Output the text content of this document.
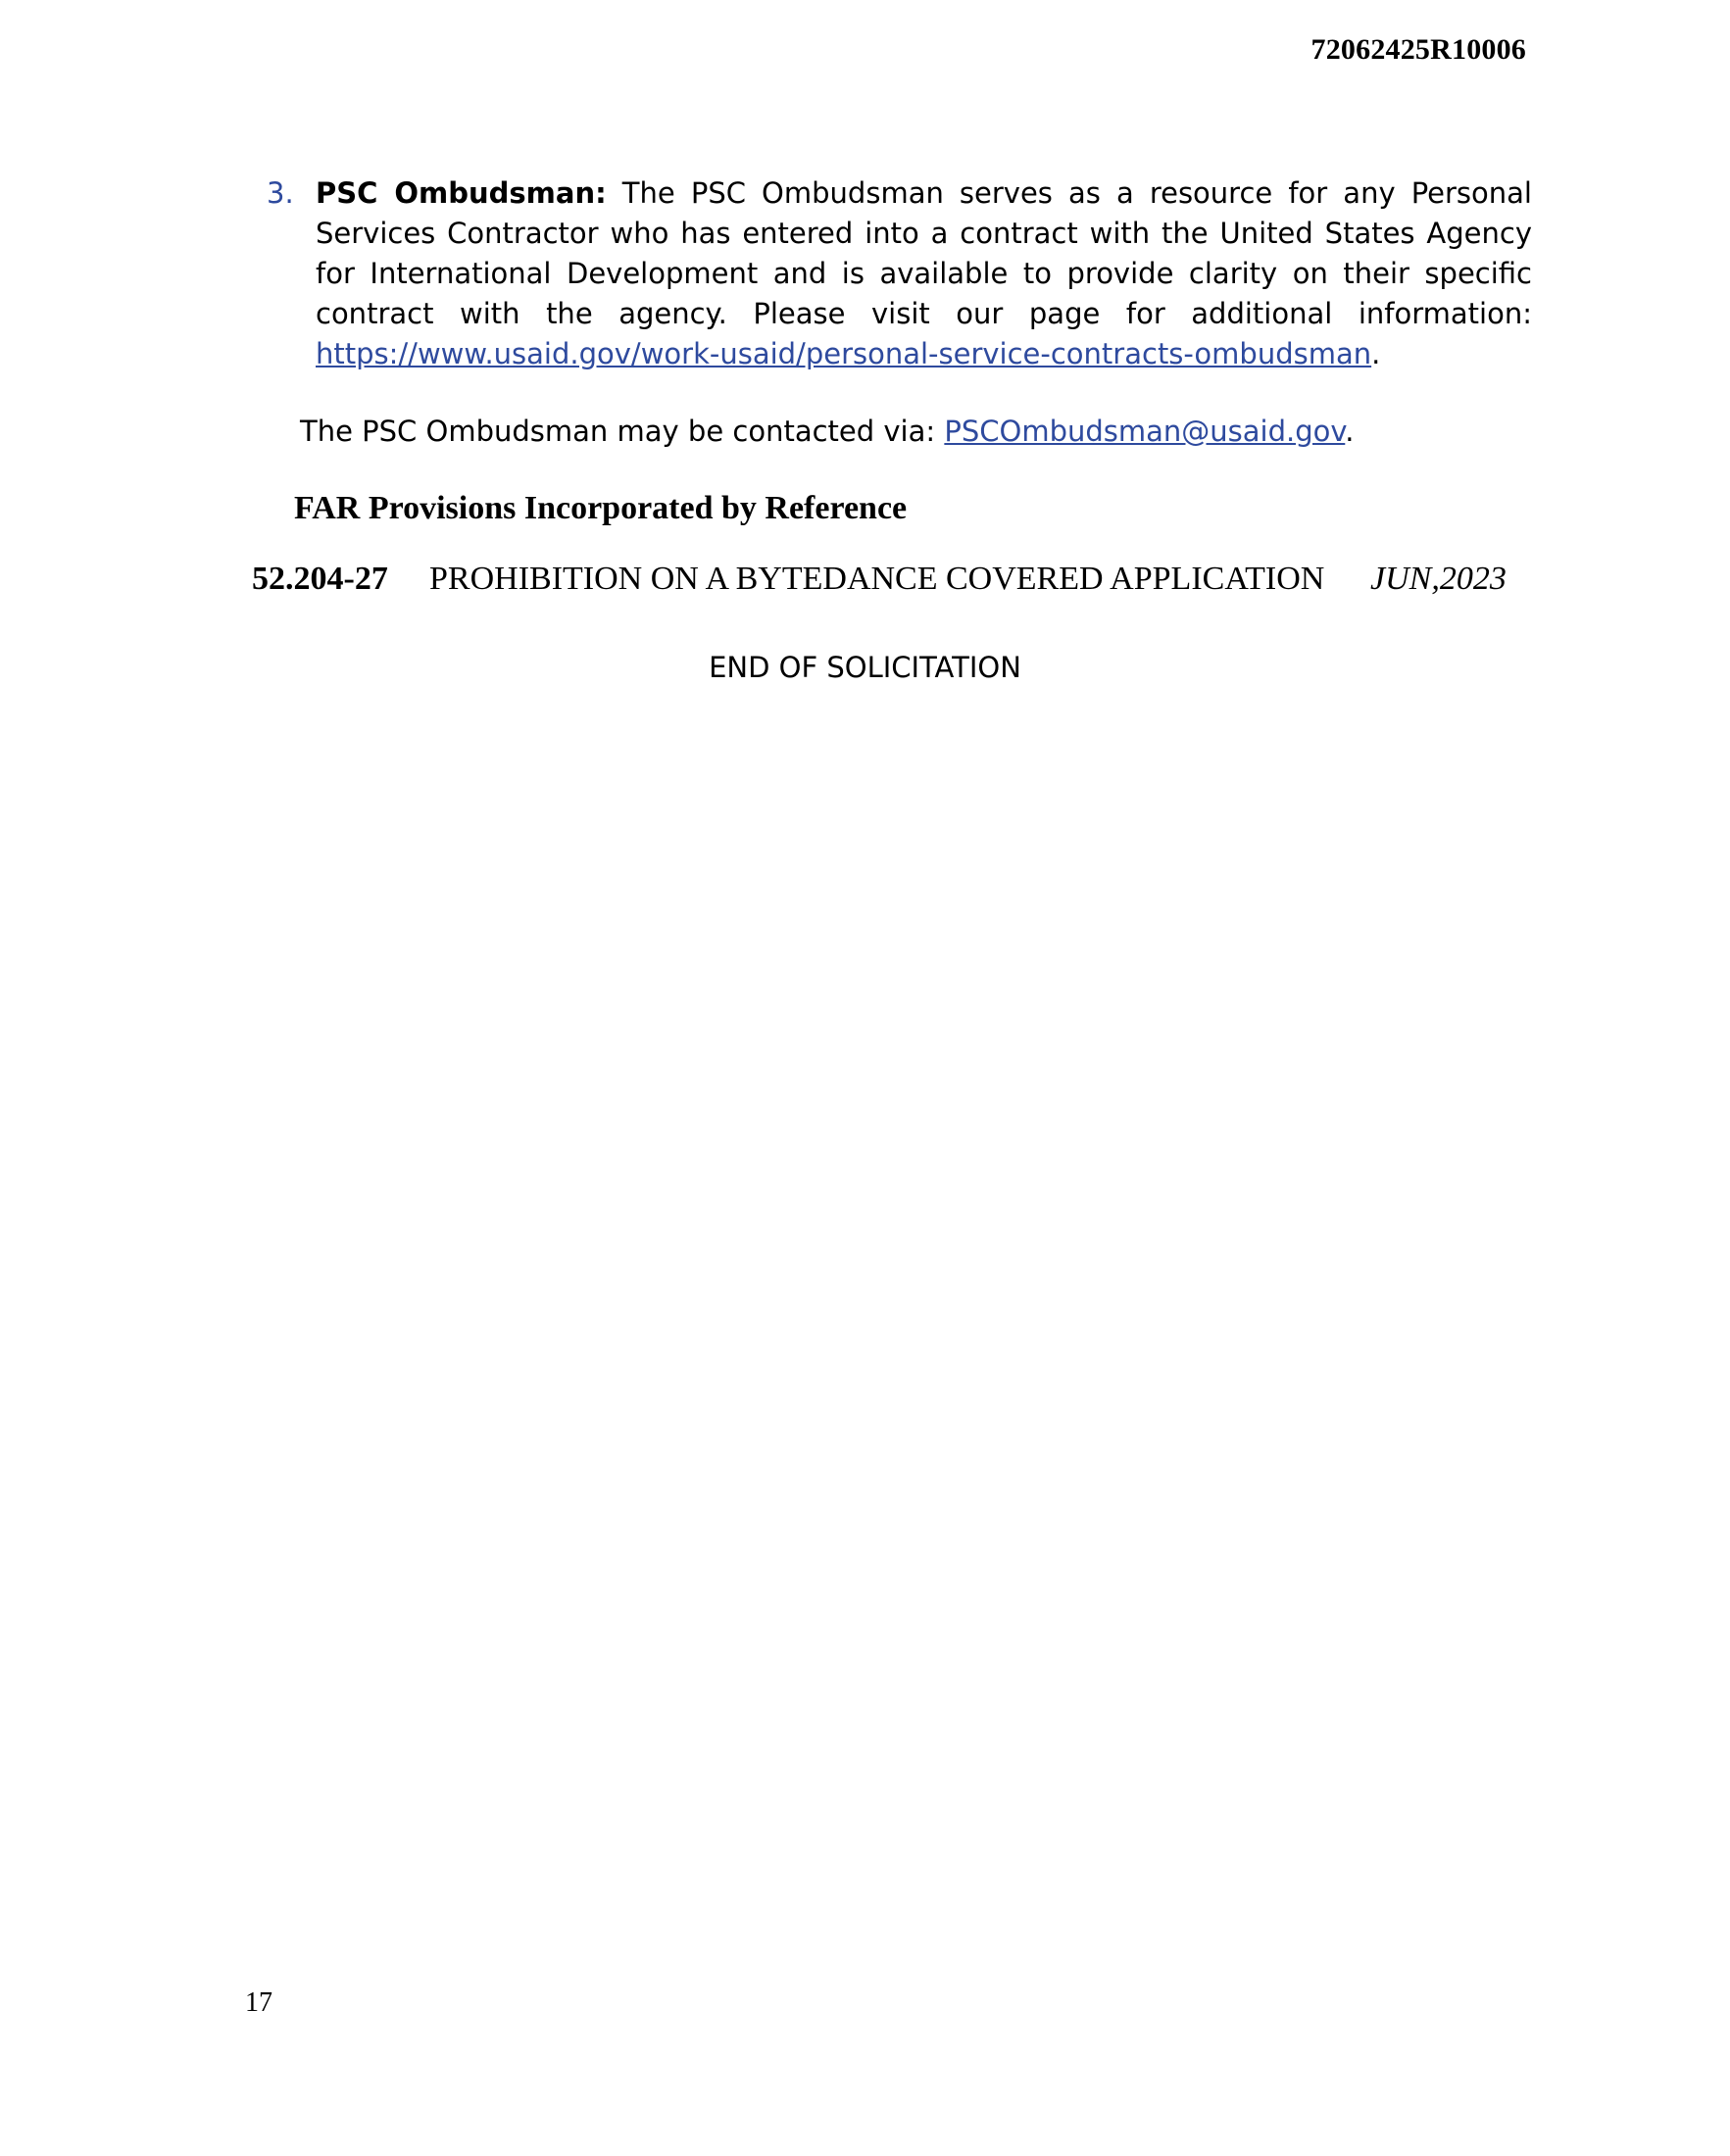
72062425R10006
3. PSC Ombudsman: The PSC Ombudsman serves as a resource for any Personal Services Contractor who has entered into a contract with the United States Agency for International Development and is available to provide clarity on their specific contract with the agency. Please visit our page for additional information: https://www.usaid.gov/work-usaid/personal-service-contracts-ombudsman.
The PSC Ombudsman may be contacted via: PSCOmbudsman@usaid.gov.
FAR Provisions Incorporated by Reference
52.204-27 PROHIBITION ON A BYTEDANCE COVERED APPLICATION JUN,2023
END OF SOLICITATION
17
